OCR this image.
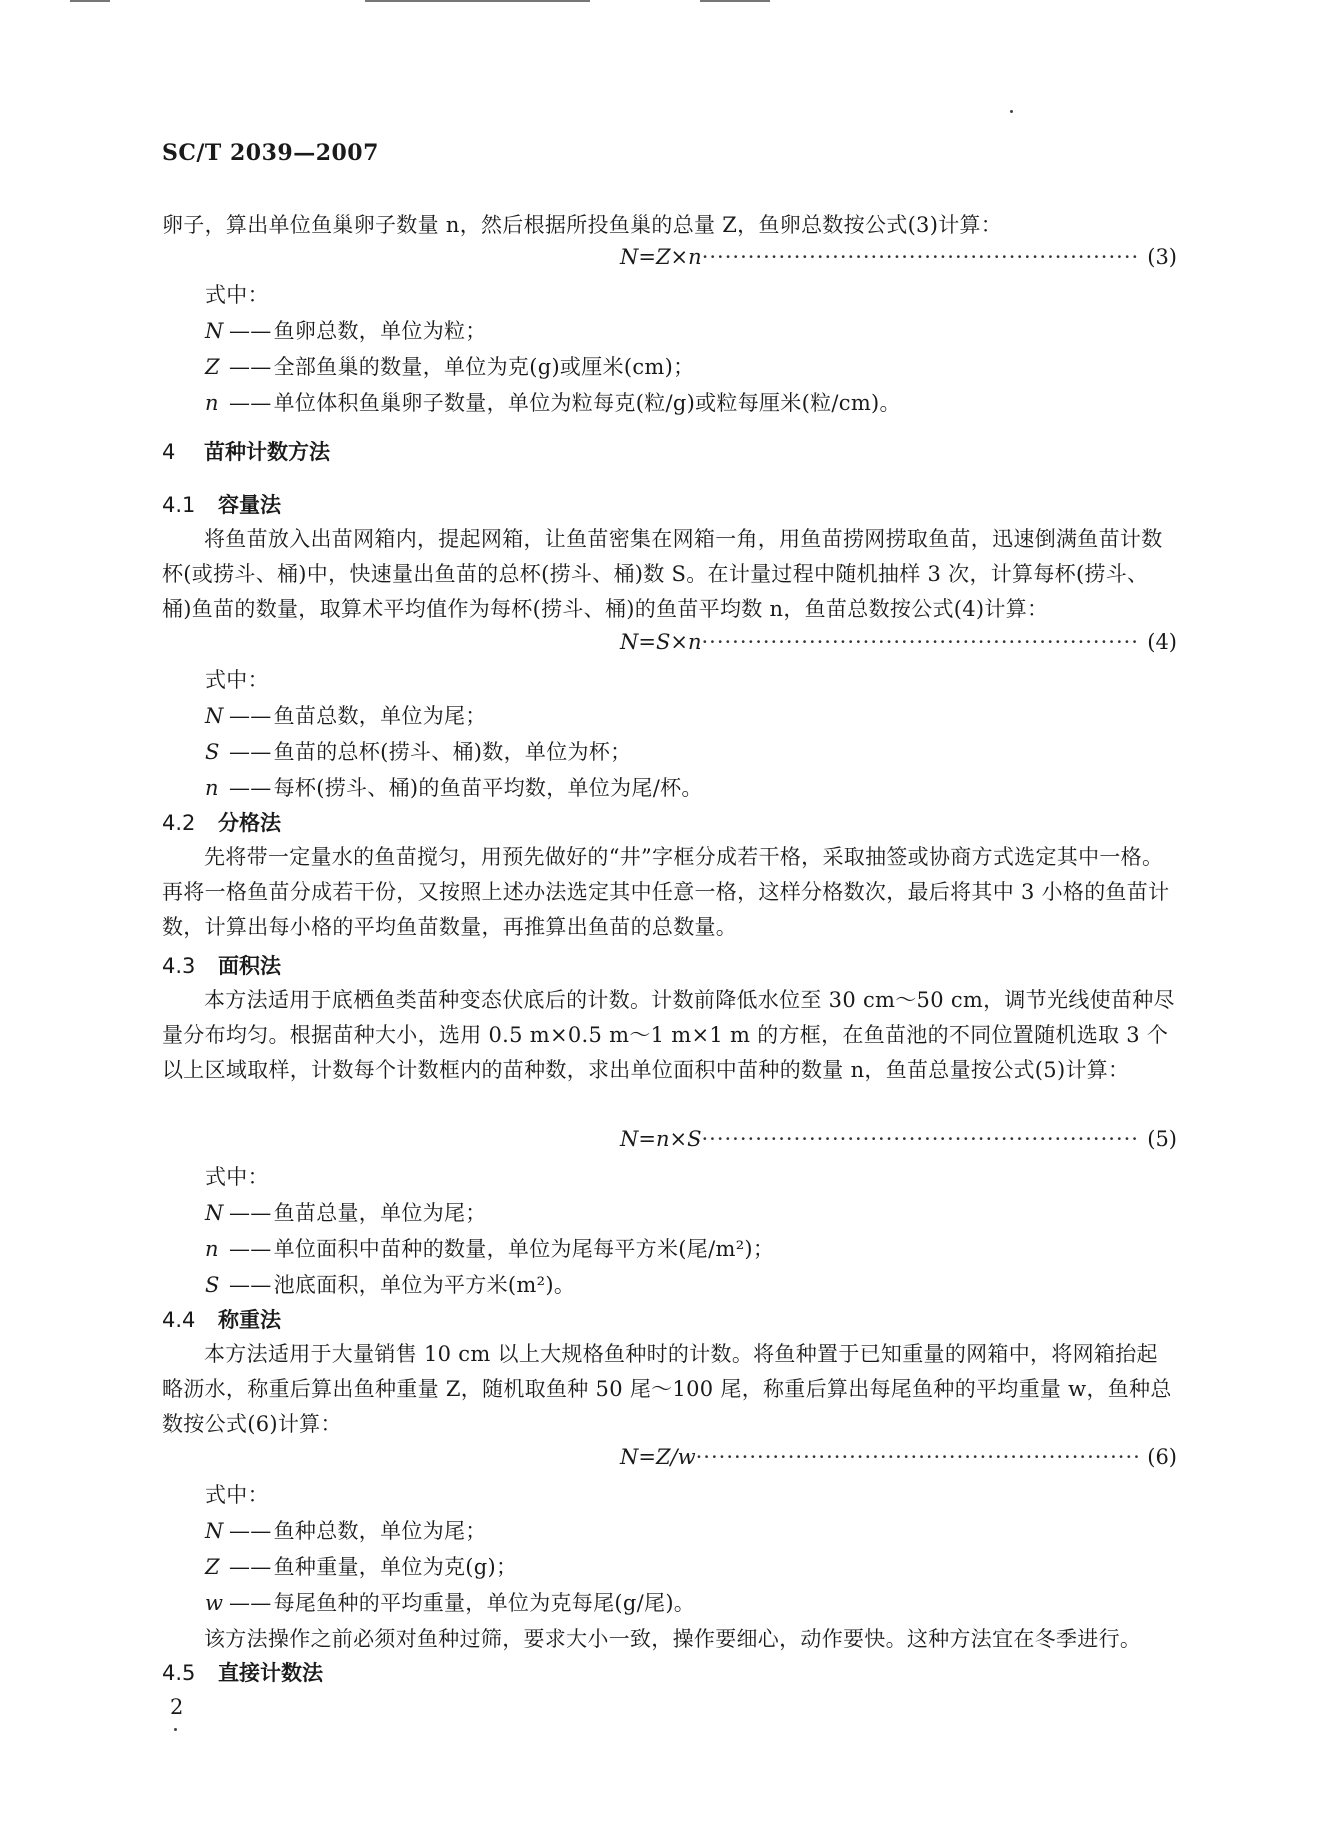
SC/T 2039—2007

卵子，算出单位鱼巢卵子数量 n，然后根据所投鱼巢的总量 Z，鱼卵总数按公式(3)计算：

N=Z×n ·····	(3)
式中：
N ——鱼卵总数，单位为粒；
Z ——全部鱼巢的数量，单位为克(g)或厘米(cm)；
n ——单位体积鱼巢卵子数量，单位为粒每克(粒/g)或粒每厘米(粒/cm)。
4 苗种计数方法
4.1 容量法

将鱼苗放入出苗网箱内，提起网箱，让鱼苗密集在网箱一角，用鱼苗捞网捞取鱼苗，迅速倒满鱼苗计数杯(或捞斗、桶)中，快速量出鱼苗的总杯(捞斗、桶)数 S。在计量过程中随机抽样 3 次，计算每杯(捞斗、桶)鱼苗的数量，取算术平均值作为每杯(捞斗、桶)的鱼苗平均数 n，鱼苗总数按公式(4)计算：

N=S×n ·····	(4)
式中：
N ——鱼苗总数，单位为尾；
S ——鱼苗的总杯(捞斗、桶)数，单位为杯；
n ——每杯(捞斗、桶)的鱼苗平均数，单位为尾/杯。
4.2 分格法

先将带一定量水的鱼苗搅匀，用预先做好的“井”字框分成若干格，采取抽签或协商方式选定其中一格。再将一格鱼苗分成若干份，又按照上述办法选定其中任意一格，这样分格数次，最后将其中 3 小格的鱼苗计数，计算出每小格的平均鱼苗数量，再推算出鱼苗的总数量。

4.3 面积法

本方法适用于底栖鱼类苗种变态伏底后的计数。计数前降低水位至 30 cm～50 cm，调节光线使苗种尽量分布均匀。根据苗种大小，选用 0.5 m×0.5 m～1 m×1 m 的方框，在鱼苗池的不同位置随机选取 3 个以上区域取样，计数每个计数框内的苗种数，求出单位面积中苗种的数量 n，鱼苗总量按公式(5)计算：

N=n×S ·····	(5)
式中：
N ——鱼苗总量，单位为尾；
n ——单位面积中苗种的数量，单位为尾每平方米(尾/m²)；
S ——池底面积，单位为平方米(m²)。
4.4 称重法

本方法适用于大量销售 10 cm 以上大规格鱼种时的计数。将鱼种置于已知重量的网箱中，将网箱抬起略沥水，称重后算出鱼种重量 Z，随机取鱼种 50 尾～100 尾，称重后算出每尾鱼种的平均重量 w，鱼种总数按公式(6)计算：

N=Z/w ·····	(6)
式中：
N ——鱼种总数，单位为尾；
Z ——鱼种重量，单位为克(g)；
w ——每尾鱼种的平均重量，单位为克每尾(g/尾)。
该方法操作之前必须对鱼种过筛，要求大小一致，操作要细心，动作要快。这种方法宜在冬季进行。
4.5 直接计数法
2
